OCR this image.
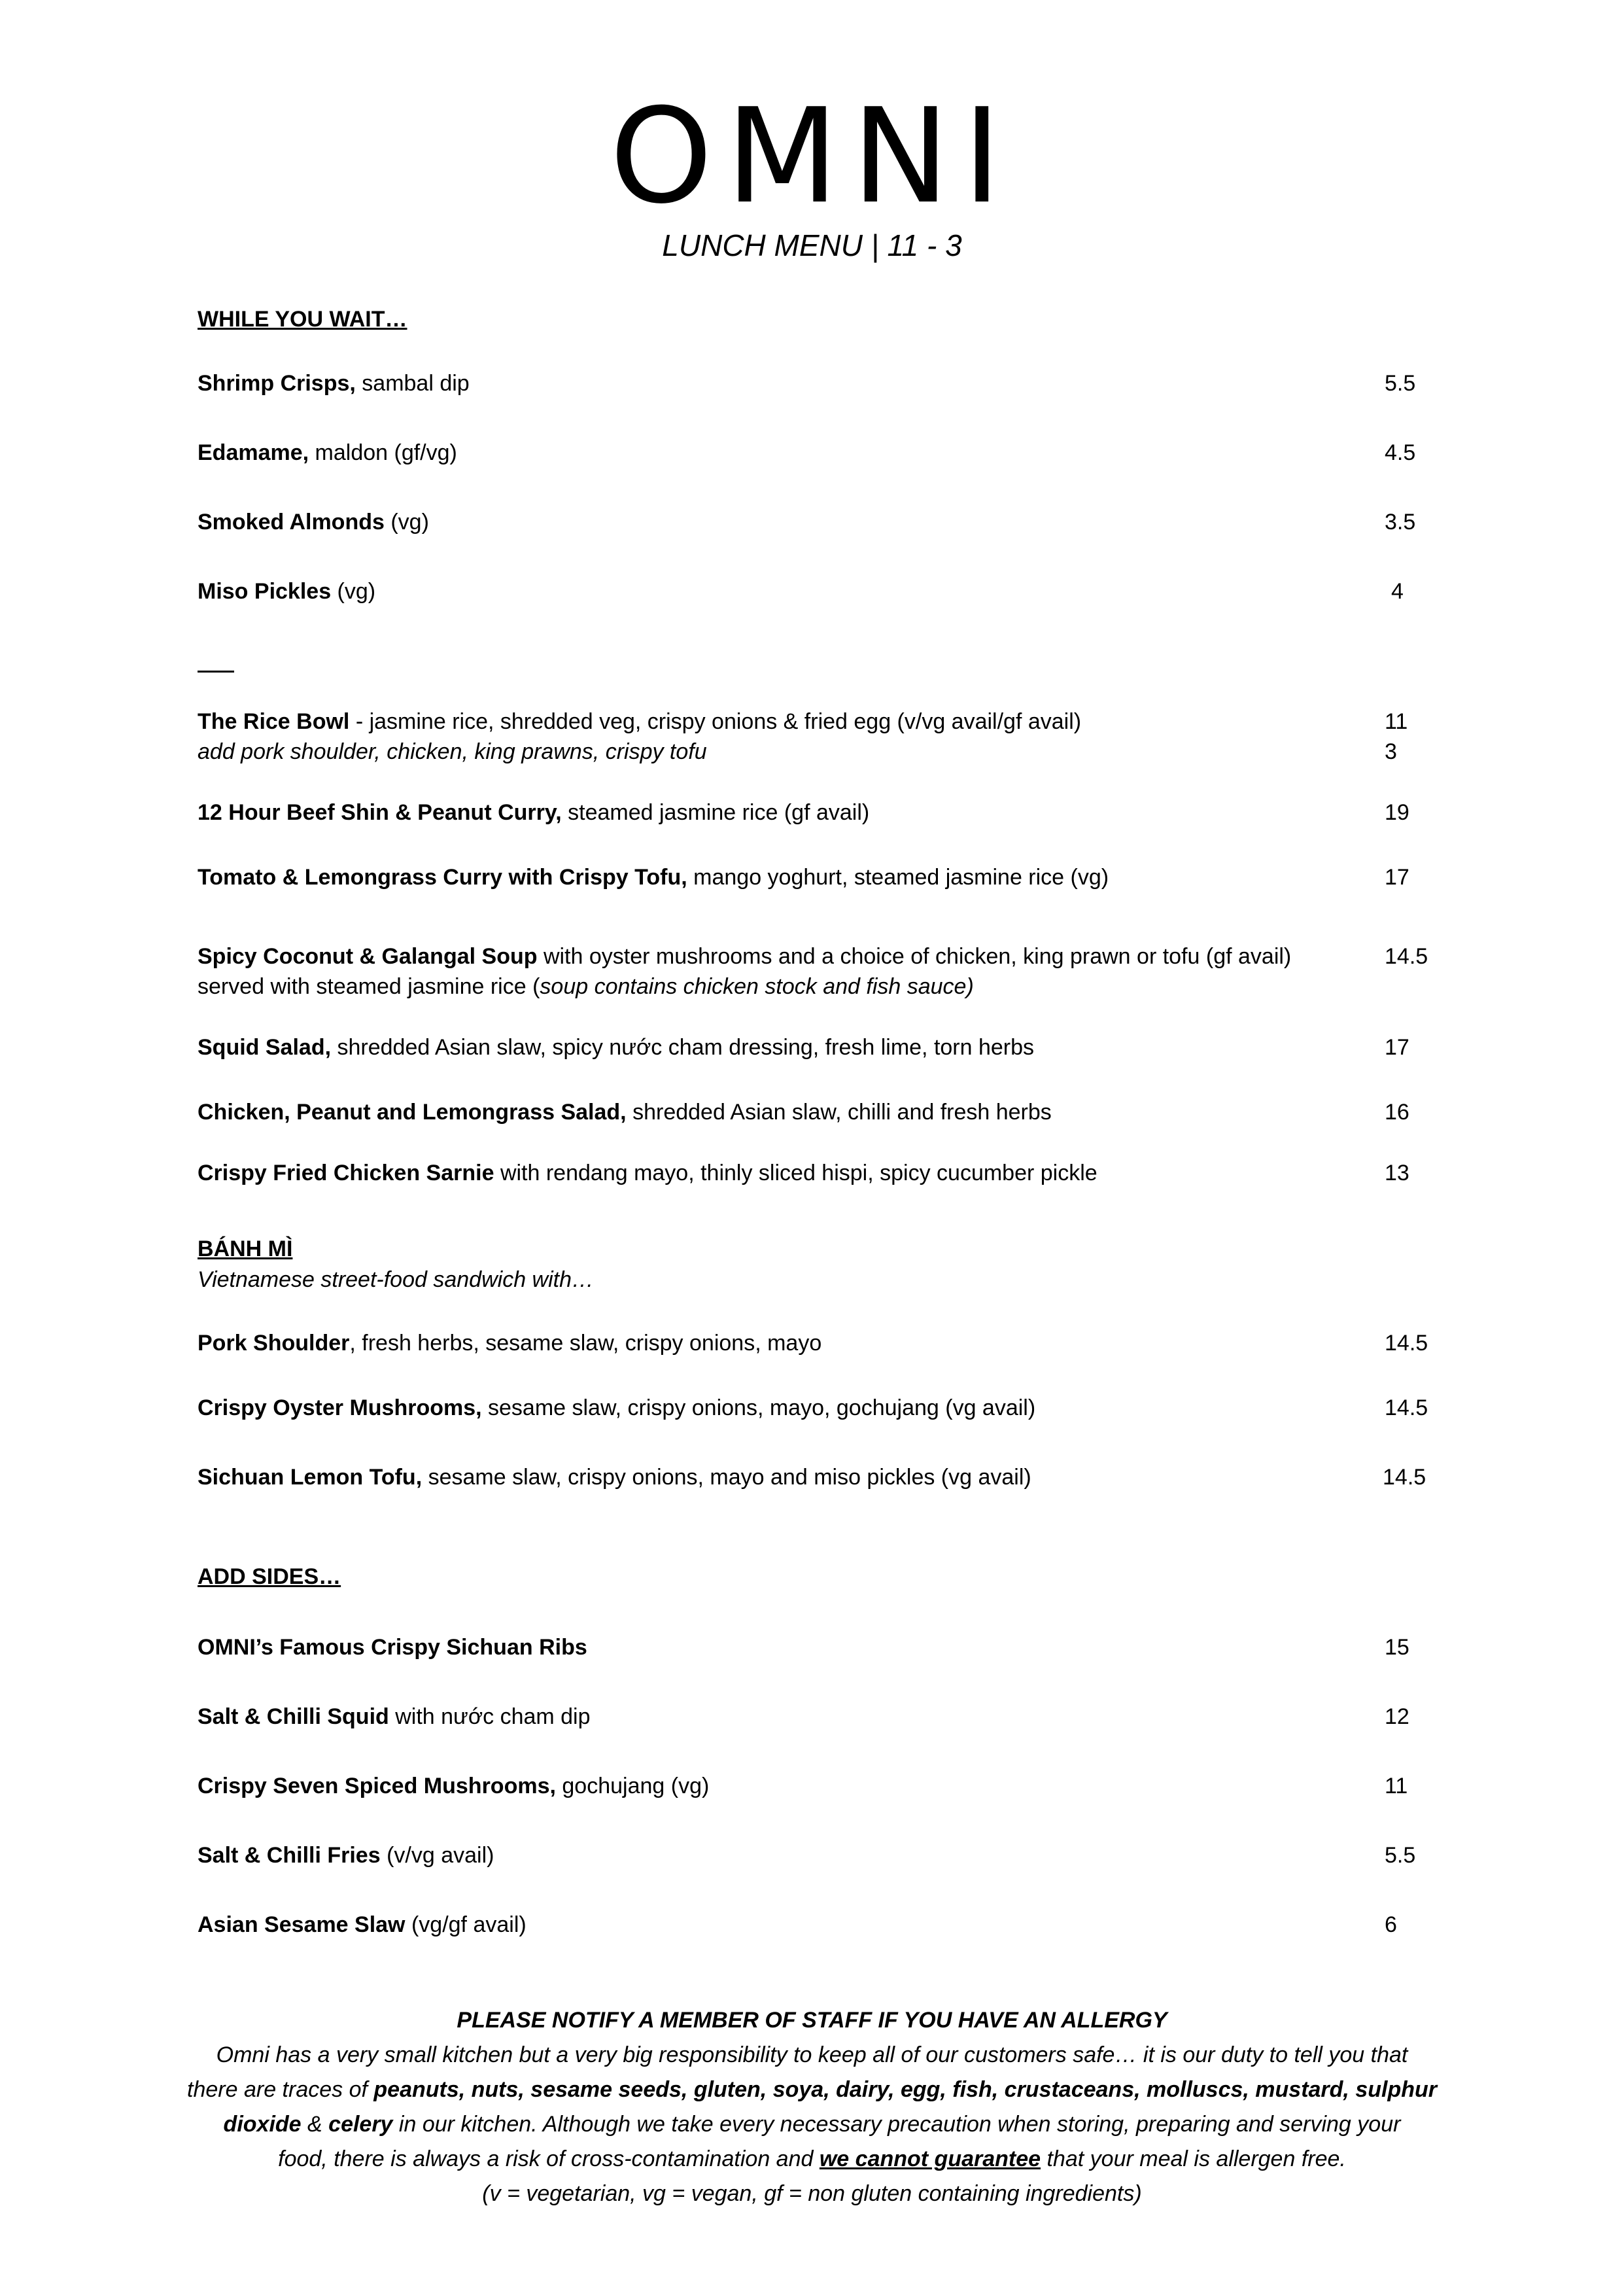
OMNI
LUNCH MENU | 11 - 3
WHILE YOU WAIT…
Shrimp Crisps, sambal dip	5.5
Edamame, maldon (gf/vg)	4.5
Smoked Almonds (vg)	3.5
Miso Pickles (vg)	4
The Rice Bowl - jasmine rice, shredded veg, crispy onions & fried egg (v/vg avail/gf avail)	11
add pork shoulder, chicken, king prawns, crispy tofu	3
12 Hour Beef Shin & Peanut Curry, steamed jasmine rice (gf avail)	19
Tomato & Lemongrass Curry with Crispy Tofu, mango yoghurt, steamed jasmine rice (vg)	17
Spicy Coconut & Galangal Soup with oyster mushrooms and a choice of chicken, king prawn or tofu (gf avail)	14.5
served with steamed jasmine rice (soup contains chicken stock and fish sauce)
Squid Salad, shredded Asian slaw, spicy nước cham dressing, fresh lime, torn herbs	17
Chicken, Peanut and Lemongrass Salad, shredded Asian slaw, chilli and fresh herbs	16
Crispy Fried Chicken Sarnie with rendang mayo, thinly sliced hispi, spicy cucumber pickle	13
BÁNH MÌ
Vietnamese street-food sandwich with…
Pork Shoulder, fresh herbs, sesame slaw, crispy onions, mayo	14.5
Crispy Oyster Mushrooms, sesame slaw, crispy onions, mayo, gochujang (vg avail)	14.5
Sichuan Lemon Tofu, sesame slaw, crispy onions, mayo and miso pickles (vg avail)	14.5
ADD SIDES…
OMNI’s Famous Crispy Sichuan Ribs	15
Salt & Chilli Squid with nước cham dip	12
Crispy Seven Spiced Mushrooms, gochujang (vg)	11
Salt & Chilli Fries (v/vg avail)	5.5
Asian Sesame Slaw (vg/gf avail)	6
PLEASE NOTIFY A MEMBER OF STAFF IF YOU HAVE AN ALLERGY
Omni has a very small kitchen but a very big responsibility to keep all of our customers safe… it is our duty to tell you that
there are traces of peanuts, nuts, sesame seeds, gluten, soya, dairy, egg, fish, crustaceans, molluscs, mustard, sulphur
dioxide & celery in our kitchen. Although we take every necessary precaution when storing, preparing and serving your
food, there is always a risk of cross-contamination and we cannot guarantee that your meal is allergen free.
(v = vegetarian, vg = vegan, gf = non gluten containing ingredients)
